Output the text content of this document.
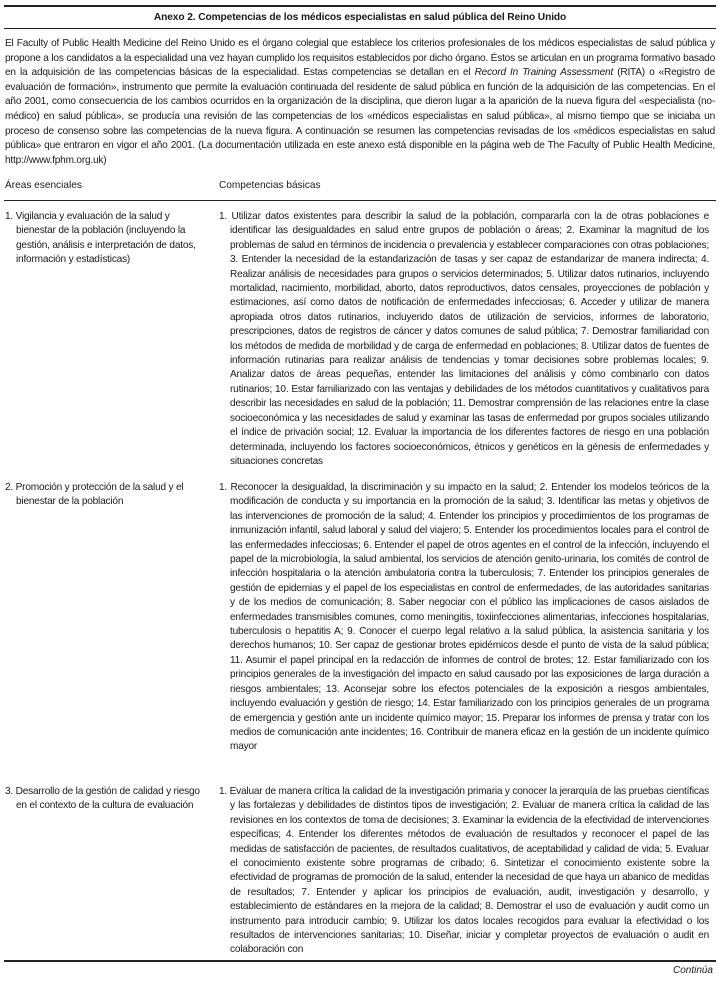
Anexo 2. Competencias de los médicos especialistas en salud pública del Reino Unido
El Faculty of Public Health Medicine del Reino Unido es el órgano colegial que establece los criterios profesionales de los médicos especialistas de salud pública y propone a los candidatos a la especialidad una vez hayan cumplido los requisitos establecidos por dicho órgano. Éstos se articulan en un programa formativo basado en la adquisición de las competencias básicas de la especialidad. Estas competencias se detallan en el Record In Training Assessment (RITA) o «Registro de evaluación de formación», instrumento que permite la evaluación continuada del residente de salud pública en función de la adquisición de las competencias. En el año 2001, como consecuencia de los cambios ocurridos en la organización de la disciplina, que dieron lugar a la aparición de la nueva figura del «especialista (no-médico) en salud pública», se producía una revisión de las competencias de los «médicos especialistas en salud pública», al mismo tiempo que se iniciaba un proceso de consenso sobre las competencias de la nueva figura. A continuación se resumen las competencias revisadas de los «médicos especialistas en salud pública» que entraron en vigor el año 2001. (La documentación utilizada en este anexo está disponible en la página web de The Faculty of Public Health Medicine, http://www.fphm.org.uk)
Áreas esenciales	Competencias básicas
1. Vigilancia y evaluación de la salud y bienestar de la población (incluyendo la gestión, análisis e interpretación de datos, información y estadísticas)
1. Utilizar datos existentes para describir la salud de la población, compararla con la de otras poblaciones e identificar las desigualdades en salud entre grupos de población o áreas; 2. Examinar la magnitud de los problemas de salud en términos de incidencia o prevalencia y establecer comparaciones con otras poblaciones; 3. Entender la necesidad de la estandarización de tasas y ser capaz de estandarizar de manera indirecta; 4. Realizar análisis de necesidades para grupos o servicios determinados; 5. Utilizar datos rutinarios, incluyendo mortalidad, nacimiento, morbilidad, aborto, datos reproductivos, datos censales, proyecciones de población y estimaciones, así como datos de notificación de enfermedades infecciosas; 6. Acceder y utilizar de manera apropiada otros datos rutinarios, incluyendo datos de utilización de servicios, informes de laboratorio, prescripciones, datos de registros de cáncer y datos comunes de salud pública; 7. Demostrar familiaridad con los métodos de medida de morbilidad y de carga de enfermedad en poblaciones; 8. Utilizar datos de fuentes de información rutinarias para realizar análisis de tendencias y tomar decisiones sobre problemas locales; 9. Analizar datos de áreas pequeñas, entender las limitaciones del análisis y cómo combinarlo con datos rutinarios; 10. Estar familiarizado con las ventajas y debilidades de los métodos cuantitativos y cualitativos para describir las necesidades en salud de la población; 11. Demostrar comprensión de las relaciones entre la clase socioeconómica y las necesidades de salud y examinar las tasas de enfermedad por grupos sociales utilizando el índice de privación social; 12. Evaluar la importancia de los diferentes factores de riesgo en una población determinada, incluyendo los factores socioeconómicos, étnicos y genéticos en la génesis de enfermedades y situaciones concretas
2. Promoción y protección de la salud y el bienestar de la población
1. Reconocer la desigualdad, la discriminación y su impacto en la salud; 2. Entender los modelos teóricos de la modificación de conducta y su importancia en la promoción de la salud; 3. Identificar las metas y objetivos de las intervenciones de promoción de la salud; 4. Entender los principios y procedimientos de los programas de inmunización infantil, salud laboral y salud del viajero; 5. Entender los procedimientos locales para el control de las enfermedades infecciosas; 6. Entender el papel de otros agentes en el control de la infección, incluyendo el papel de la microbiología, la salud ambiental, los servicios de atención genito-urinaria, los comités de control de infección hospitalaria o la atención ambulatoria contra la tuberculosis; 7. Entender los principios generales de gestión de epidemias y el papel de los especialistas en control de enfermedades, de las autoridades sanitarias y de los medios de comunicación; 8. Saber negociar con el público las implicaciones de casos aislados de enfermedades transmisibles comunes, como meningitis, toxiinfecciones alimentarias, infecciones hospitalarias, tuberculosis o hepatitis A; 9. Conocer el cuerpo legal relativo a la salud pública, la asistencia sanitaria y los derechos humanos; 10. Ser capaz de gestionar brotes epidémicos desde el punto de vista de la salud pública; 11. Asumir el papel principal en la redacción de informes de control de brotes; 12. Estar familiarizado con los principios generales de la investigación del impacto en salud causado por las exposiciones de larga duración a riesgos ambientales; 13. Aconsejar sobre los efectos potenciales de la exposición a riesgos ambientales, incluyendo evaluación y gestión de riesgo; 14. Estar familiarizado con los principios generales de un programa de emergencia y gestión ante un incidente químico mayor; 15. Preparar los informes de prensa y tratar con los medios de comunicación ante incidentes; 16. Contribuir de manera eficaz en la gestión de un incidente químico mayor
3. Desarrollo de la gestión de calidad y riesgo en el contexto de la cultura de evaluación
1. Evaluar de manera crítica la calidad de la investigación primaria y conocer la jerarquía de las pruebas científicas y las fortalezas y debilidades de distintos tipos de investigación; 2. Evaluar de manera crítica la calidad de las revisiones en los contextos de toma de decisiones; 3. Examinar la evidencia de la efectividad de intervenciones específicas; 4. Entender los diferentes métodos de evaluación de resultados y reconocer el papel de las medidas de satisfacción de pacientes, de resultados cualitativos, de aceptabilidad y calidad de vida; 5. Evaluar el conocimiento existente sobre programas de cribado; 6. Sintetizar el conocimiento existente sobre la efectividad de programas de promoción de la salud, entender la necesidad de que haya un abanico de medidas de resultados; 7. Entender y aplicar los principios de evaluación, audit, investigación y desarrollo, y establecimiento de estándares en la mejora de la calidad; 8. Demostrar el uso de evaluación y audit como un instrumento para introducir cambio; 9. Utilizar los datos locales recogidos para evaluar la efectividad o los resultados de intervenciones sanitarias; 10. Diseñar, iniciar y completar proyectos de evaluación o audit en colaboración con
Continúa
